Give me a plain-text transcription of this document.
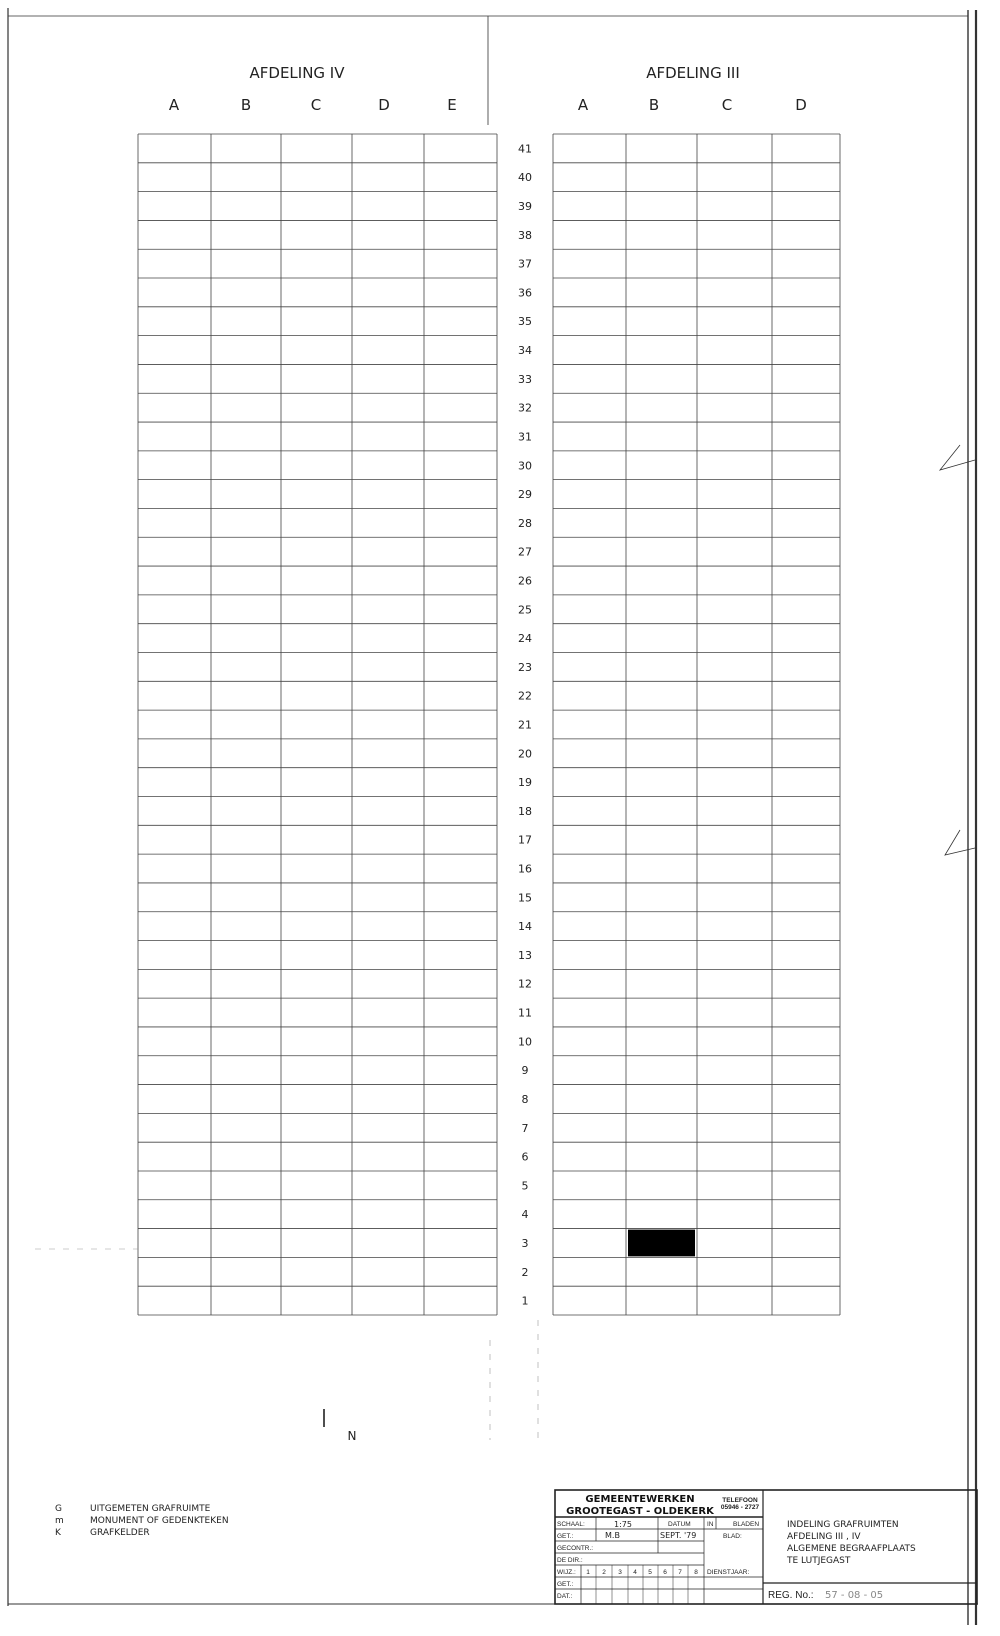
AFDELING IV
A	B	C	D	E
AFDELING III
A	B	C	D
41
40
39
38
37
36
35
34
33
32
31
30
29
28
27
26
25
24
23
22
21
20
19
18
17
16
15
14
13
12
11
10
9
8
7
6
5
4
3
2
1
N
G	UITGEMETEN GRAFRUIMTE
m	MONUMENT OF GEDENKTEKEN
K	GRAFKELDER
GEMEENTEWERKEN
GROOTEGAST - OLDEKERK
TELEFOON
05946 - 2727
SCHAAL:	1:75	DATUM	IN	BLADEN
GET.:	M.B	SEPT. '79	BLAD:
GECONTR.:
DE DIR.:
WIJZ.: 1 2 3 4 5 6 7 8 DIENSTJAAR:
GET.:
DAT.:
INDELING GRAFRUIMTEN
AFDELING III , IV
ALGEMENE BEGRAAFPLAATS
TE LUTJEGAST
REG. No.: 57 - 08 - 05
